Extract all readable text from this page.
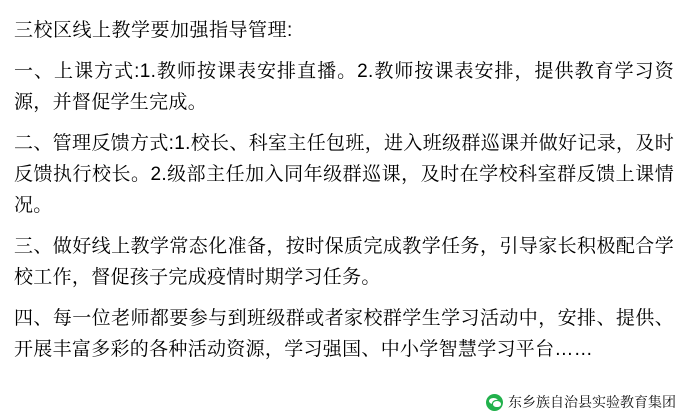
三校区线上教学要加强指导管理:
一、上课方式:1.教师按课表安排直播。2.教师按课表安排，提供教育学习资源，并督促学生完成。
二、管理反馈方式:1.校长、科室主任包班，进入班级群巡课并做好记录，及时反馈执行校长。2.级部主任加入同年级群巡课，及时在学校科室群反馈上课情况。
三、做好线上教学常态化准备，按时保质完成教学任务，引导家长积极配合学校工作，督促孩子完成疫情时期学习任务。
四、每一位老师都要参与到班级群或者家校群学生学习活动中，安排、提供、开展丰富多彩的各种活动资源，学习强国、中小学智慧学习平台……
东乡族自治县实验教育集团
